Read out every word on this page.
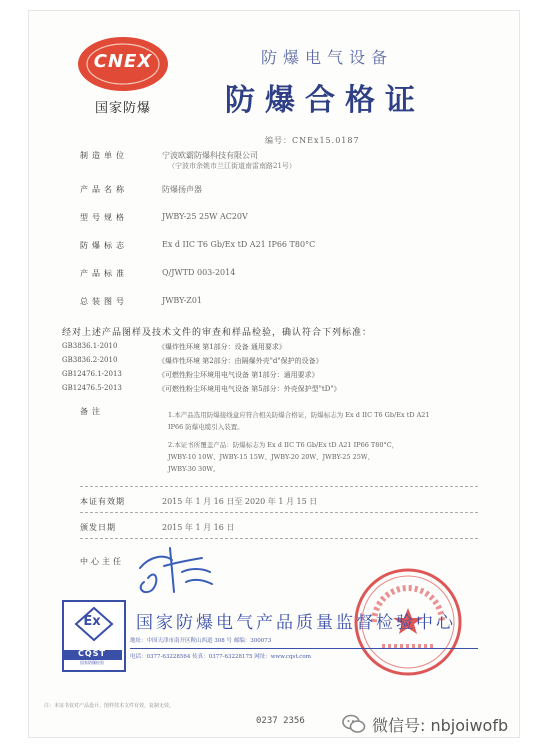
CNEX
国家防爆
防爆电气设备
防爆合格证
编号：CNEx15.0187
制造单位	宁波欧霸防爆科技有限公司
（宁波市余姚市兰江街道南雷南路21号）
产品名称	防爆扬声器
型号规格	JWBY-25 25W AC20V
防爆标志	Ex d IIC T6 Gb/Ex tD A21 IP66 T80°C
产品标准	Q/JWTD 003-2014
总装图号	JWBY-Z01
经对上述产品图样及技术文件的审查和样品检验，确认符合下列标准：
GB3836.1-2010	《爆炸性环境 第1部分：设备 通用要求》
GB3836.2-2010	《爆炸性环境 第2部分：由隔爆外壳"d"保护的设备》
GB12476.1-2013	《可燃性粉尘环境用电气设备 第1部分：通用要求》
GB12476.5-2013	《可燃性粉尘环境用电气设备 第5部分：外壳保护型"tD"》
备注	1.本产品选用防爆接线盒应符合相关防爆合格证，防爆标志为 Ex d IIC T6 Gb/Ex tD A21
IP66 防爆电缆引入装置。
2.本证书所覆盖产品：防爆标志为 Ex d IIC T6 Gb/Ex tD A21 IP66 T80°C，
JWBY-10 10W、JWBY-15 15W、JWBY-20 20W、JWBY-25 25W、
JWBY-30 30W。
本证有效期	2015 年 1 月 16 日至 2020 年 1 月 15 日
颁发日期	2015 年 1 月 16 日
中心主任
Ex
CQST
国家防爆检验
国家防爆电气产品质量监督检验中心
地址：中国天津市南开区鞍山西道 308 号 邮编：300073
电话：0377-63228564 传真：0377-63228175 网址：www.cqst.com
注：本证书仅对产品设计、图样技术文件有效，复制无效。
0237 2356	微信号: nbjoiwofb
